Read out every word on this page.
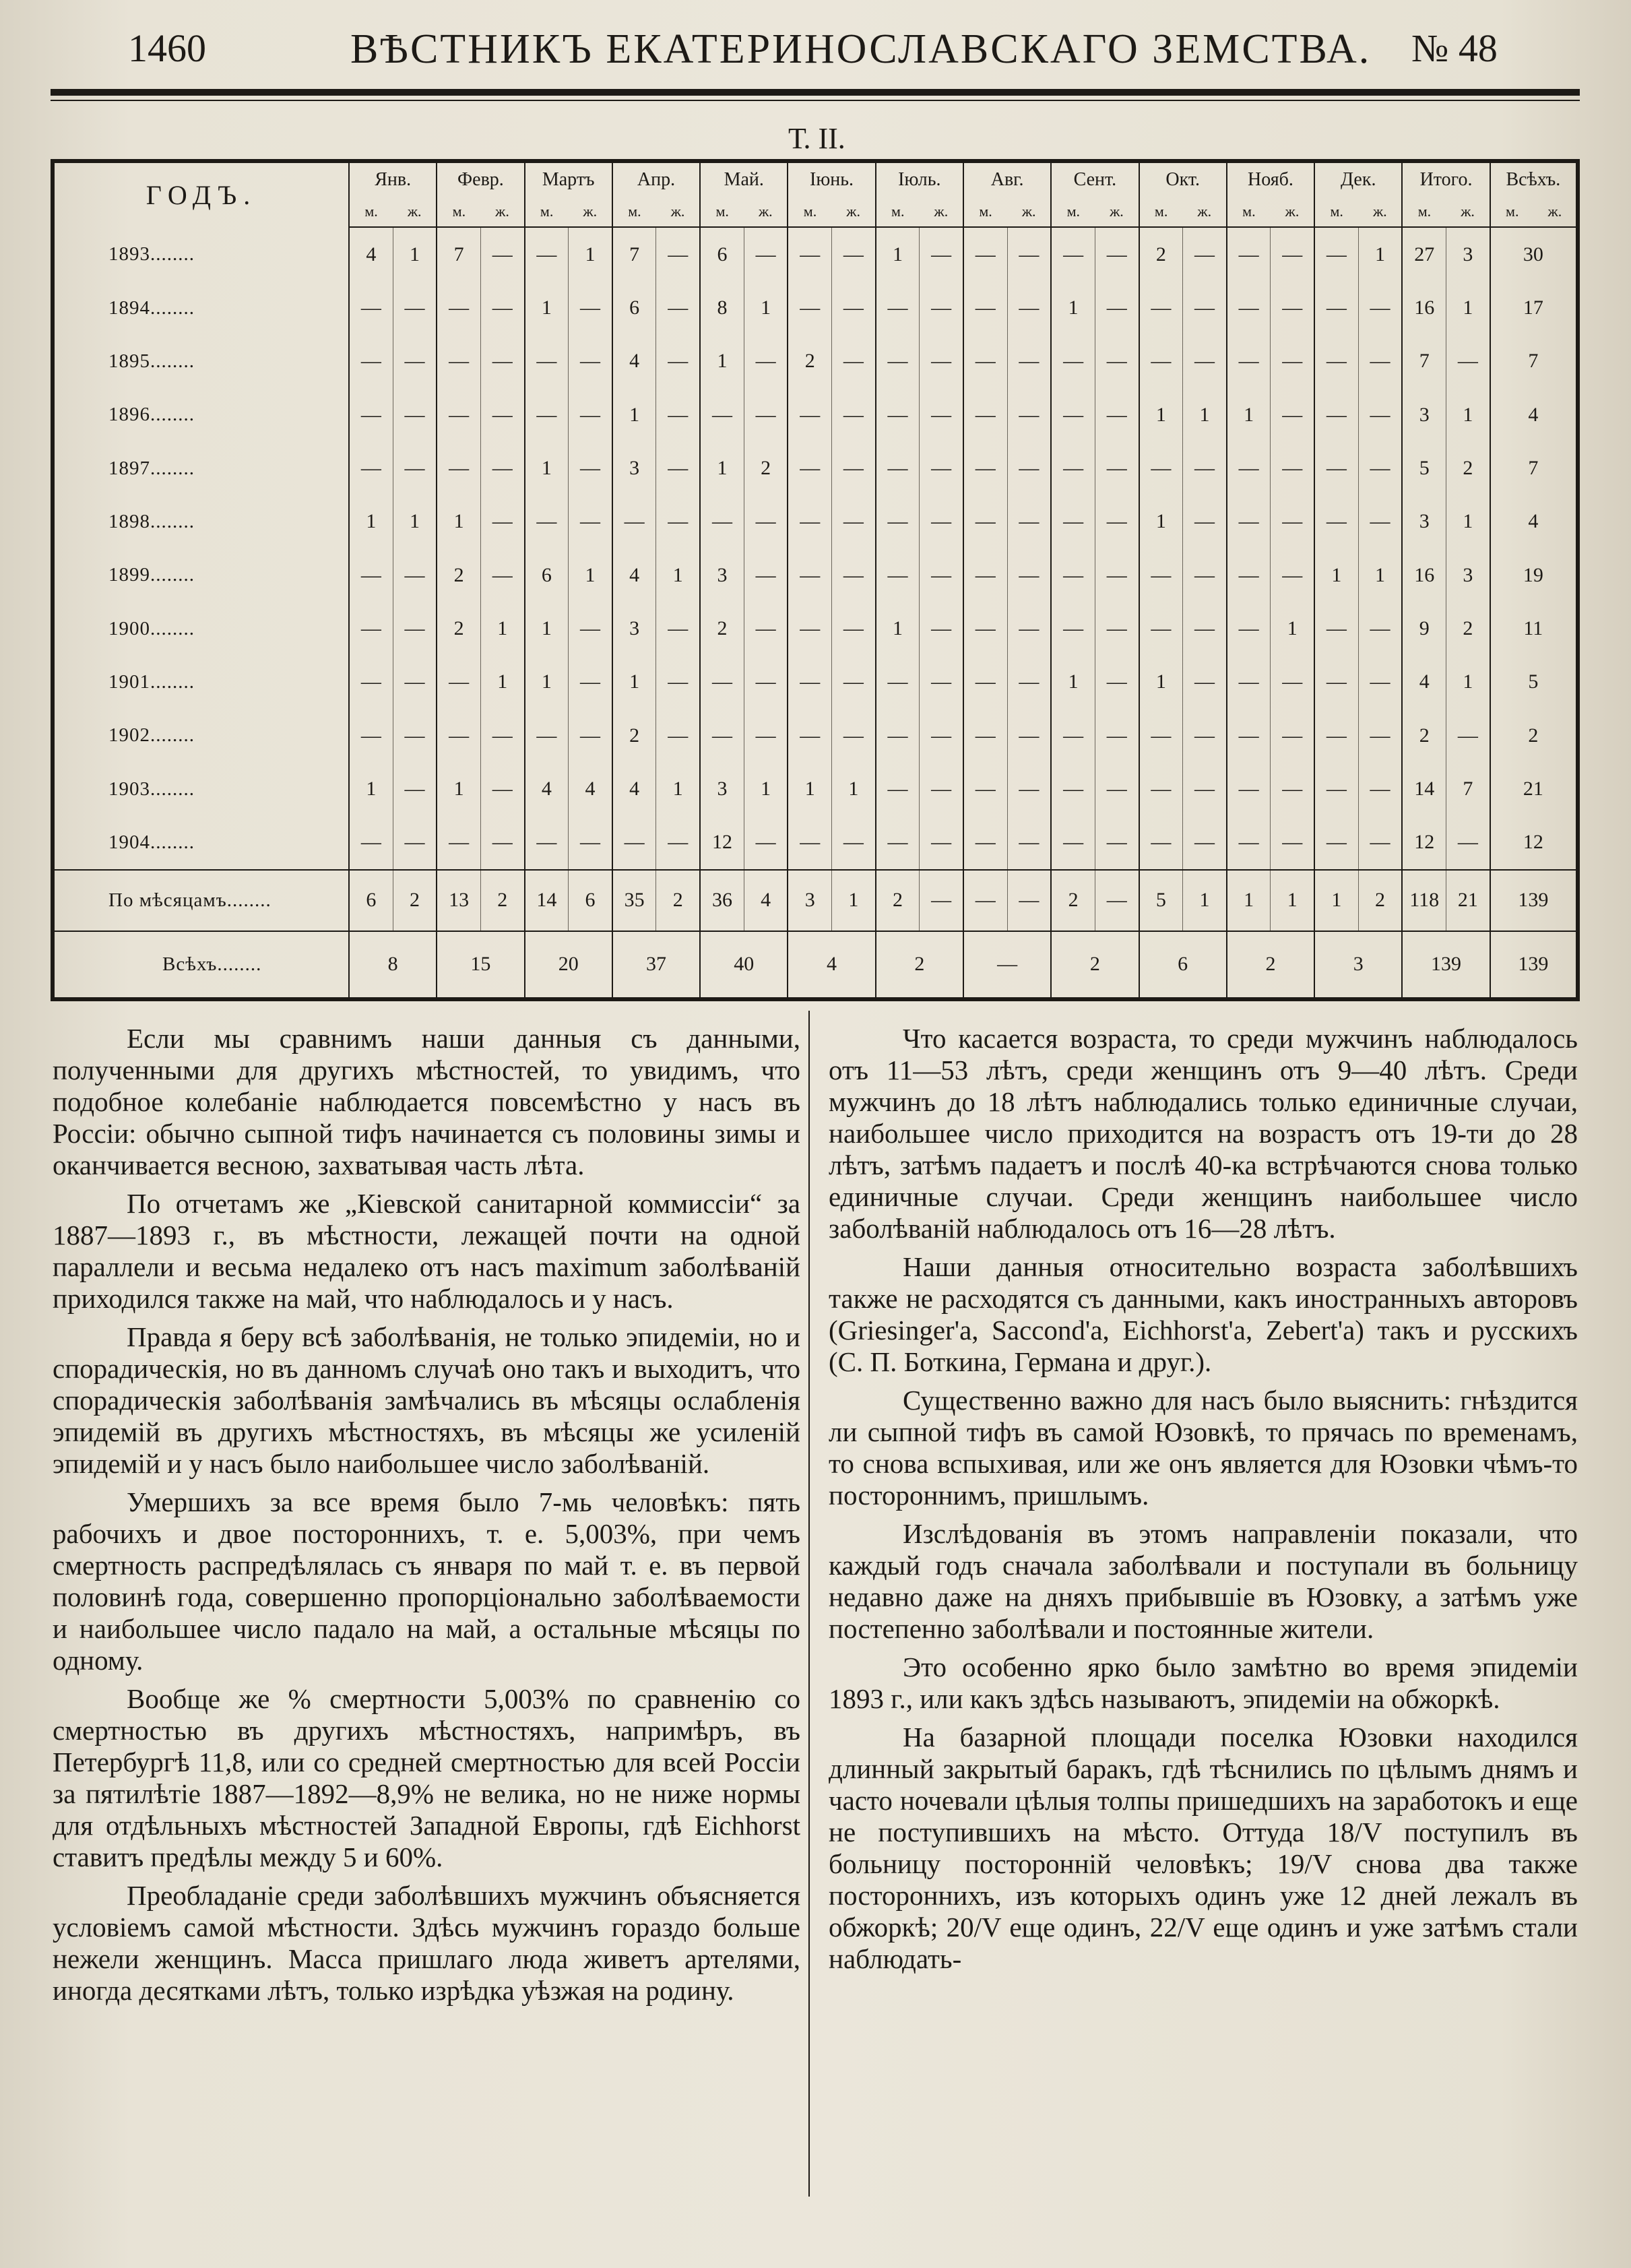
1460	ВѢСТНИКЪ ЕКАТЕРИНОСЛАВСКАГО ЗЕМСТВА. № 48
Т. II.
ГОДЪ.	Янв.		Февр.		Мартъ		Апр.		Май.		Іюнь.		Іюль.		Авг.		Сент.		Окт.		Нояб.		Дек.		Итого.		Всѣхъ.	
	м.	ж.	м.	ж.	м.	ж.	м.	ж.	м.	ж.	м.	ж.	м.	ж.	м.	ж.	м.	ж.	м.	ж.	м.	ж.	м.	ж.	м.	ж.	м.	ж.
1893........	4	1	7	—	—	1	7	—	6	—	—	—	1	—	—	—	—	—	2	—	—	—	—	1	27	3	30	
1894........	—	—	—	—	1	—	6	—	8	1	—	—	—	—	—	—	1	—	—	—	—	—	—	—	16	1	17	
1895........	—	—	—	—	—	—	4	—	1	—	2	—	—	—	—	—	—	—	—	—	—	—	—	—	7	—	7	
1896........	—	—	—	—	—	—	1	—	—	—	—	—	—	—	—	—	—	—	1	1	1	—	—	—	3	1	4	
1897........	—	—	—	—	1	—	3	—	1	2	—	—	—	—	—	—	—	—	—	—	—	—	—	—	5	2	7	
1898........	1	1	1	—	—	—	—	—	—	—	—	—	—	—	—	—	—	—	1	—	—	—	—	—	3	1	4	
1899........	—	—	2	—	6	1	4	1	3	—	—	—	—	—	—	—	—	—	—	—	—	—	1	1	16	3	19	
1900........	—	—	2	1	1	—	3	—	2	—	—	—	1	—	—	—	—	—	—	—	—	1	—	—	9	2	11	
1901........	—	—	—	1	1	—	1	—	—	—	—	—	—	—	—	—	1	—	1	—	—	—	—	—	4	1	5	
1902........	—	—	—	—	—	—	2	—	—	—	—	—	—	—	—	—	—	—	—	—	—	—	—	—	2	—	2	
1903........	1	—	1	—	4	4	4	1	3	1	1	1	—	—	—	—	—	—	—	—	—	—	—	—	14	7	21	
1904........	—	—	—	—	—	—	—	—	12	—	—	—	—	—	—	—	—	—	—	—	—	—	—	—	12	—	12	
По мѣсяцамъ........	6	2	13	2	14	6	35	2	36	4	3	1	2	—	—	—	2	—	5	1	1	1	1	2	118	21	139	
Всѣхъ........	8		15		20		37		40		4		2		—		2		6		2		3		139		139	

Если мы сравнимъ наши данныя съ данными, полученными для другихъ мѣстностей, то увидимъ, что подобное колебаніе наблюдается повсемѣстно у насъ въ Россіи: обычно сыпной тифъ начинается съ половины зимы и оканчивается весною, захватывая часть лѣта.

По отчетамъ же „Кіевской санитарной коммиссіи“ за 1887—1893 г., въ мѣстности, лежащей почти на одной параллели и весьма недалеко отъ насъ maximum заболѣваній приходился также на май, что наблюдалось и у насъ.

Правда я беру всѣ заболѣванія, не только эпидеміи, но и спорадическія, но въ данномъ случаѣ оно такъ и выходитъ, что спорадическія заболѣванія замѣчались въ мѣсяцы ослабленія эпидемій въ другихъ мѣстностяхъ, въ мѣсяцы же усиленій эпидемій и у насъ было наибольшее число заболѣваній.

Умершихъ за все время было 7-мь человѣкъ: пять рабочихъ и двое постороннихъ, т. е. 5,003%, при чемъ смертность распредѣлялась съ января по май т. е. въ первой половинѣ года, совершенно пропорціонально заболѣваемости и наибольшее число падало на май, а остальные мѣсяцы по одному.

Вообще же % смертности 5,003% по сравненію со смертностью въ другихъ мѣстностяхъ, напримѣръ, въ Петербургѣ 11,8, или со средней смертностью для всей Россіи за пятилѣтіе 1887—1892—8,9% не велика, но не ниже нормы для отдѣльныхъ мѣстностей Западной Европы, гдѣ Eichhorst ставитъ предѣлы между 5 и 60%.

Преобладаніе среди заболѣвшихъ мужчинъ объясняется условіемъ самой мѣстности. Здѣсь мужчинъ гораздо больше нежели женщинъ. Масса пришлаго люда живетъ артелями, иногда десятками лѣтъ, только изрѣдка уѣзжая на родину.

Что касается возраста, то среди мужчинъ наблюдалось отъ 11—53 лѣтъ, среди женщинъ отъ 9—40 лѣтъ. Среди мужчинъ до 18 лѣтъ наблюдались только единичные случаи, наибольшее число приходится на возрастъ отъ 19-ти до 28 лѣтъ, затѣмъ падаетъ и послѣ 40-ка встрѣчаются снова только единичные случаи. Среди женщинъ наибольшее число заболѣваній наблюдалось отъ 16—28 лѣтъ.

Наши данныя относительно возраста заболѣвшихъ также не расходятся съ данными, какъ иностранныхъ авторовъ (Griesinger'a, Saccond'a, Eichhorst'a, Zebert'a) такъ и русскихъ (С. П. Боткина, Германа и друг.).

Существенно важно для насъ было выяснить: гнѣздится ли сыпной тифъ въ самой Юзовкѣ, то прячась по временамъ, то снова вспыхивая, или же онъ является для Юзовки чѣмъ-то постороннимъ, пришлымъ.

Изслѣдованія въ этомъ направленіи показали, что каждый годъ сначала заболѣвали и поступали въ больницу недавно даже на дняхъ прибывшіе въ Юзовку, а затѣмъ уже постепенно заболѣвали и постоянные жители.

Это особенно ярко было замѣтно во время эпидеміи 1893 г., или какъ здѣсь называютъ, эпидеміи на обжоркѣ.

На базарной площади поселка Юзовки находился длинный закрытый баракъ, гдѣ тѣснились по цѣлымъ днямъ и часто ночевали цѣлыя толпы пришедшихъ на заработокъ и еще не поступившихъ на мѣсто. Оттуда 18/V поступилъ въ больницу посторонній человѣкъ; 19/V снова два также постороннихъ, изъ которыхъ одинъ уже 12 дней лежалъ въ обжоркѣ; 20/V еще одинъ, 22/V еще одинъ и уже затѣмъ стали наблюдать-
